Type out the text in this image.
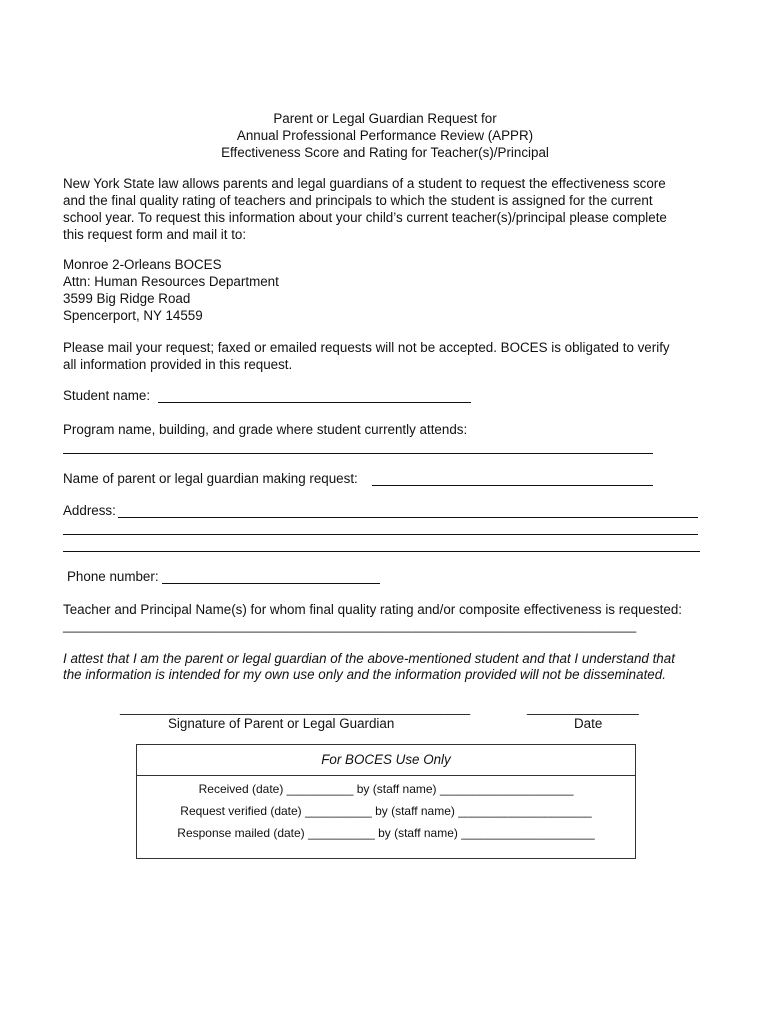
Parent or Legal Guardian Request for
Annual Professional Performance Review (APPR)
Effectiveness Score and Rating for Teacher(s)/Principal
New York State law allows parents and legal guardians of a student to request the effectiveness score
and the final quality rating of teachers and principals to which the student is assigned for the current
school year. To request this information about your child’s current teacher(s)/principal please complete
this request form and mail it to:
Monroe 2-Orleans BOCES
Attn: Human Resources Department
3599 Big Ridge Road
Spencerport, NY 14559
Please mail your request; faxed or emailed requests will not be accepted. BOCES is obligated to verify
all information provided in this request.
Student name:
Program name, building, and grade where student currently attends:
Name of parent or legal guardian making request:
Address:
Phone number:
Teacher and Principal Name(s) for whom final quality rating and/or composite effectiveness is requested:
______________________________________________________________________________
I attest that I am the parent or legal guardian of the above-mentioned student and that I understand that
the information is intended for my own use only and the information provided will not be disseminated.
_______________________________________________
Signature of Parent or Legal Guardian
_______________
Date
For BOCES Use Only
Received (date) __________ by (staff name) ____________________
Request verified (date) __________ by (staff name) ____________________
Response mailed (date) __________ by (staff name) ____________________
